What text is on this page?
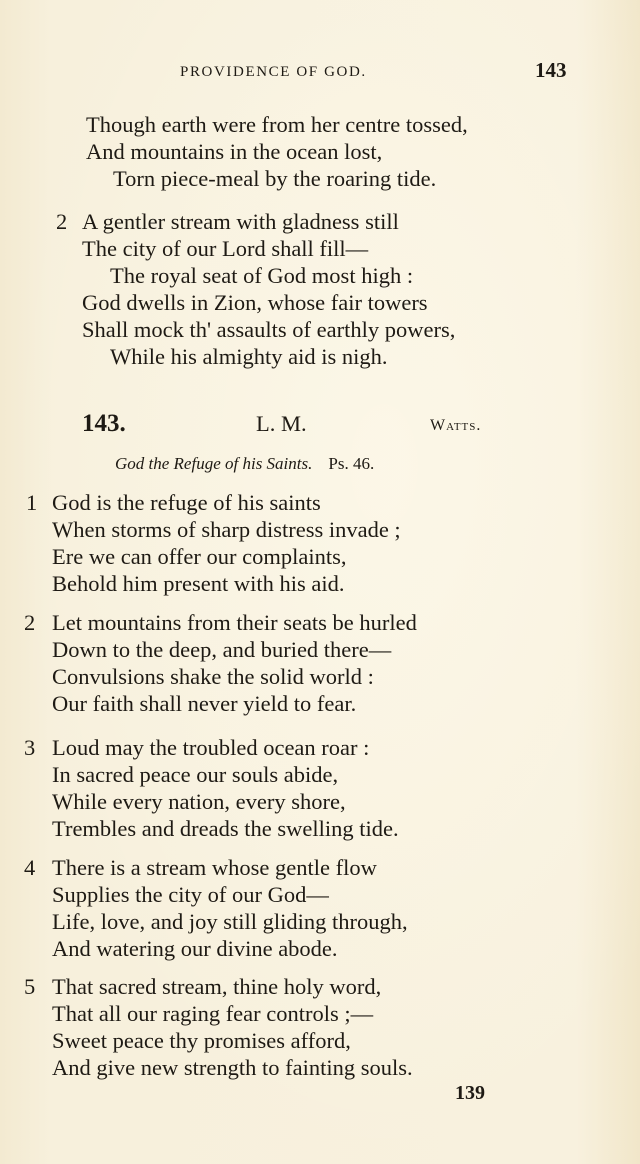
PROVIDENCE OF GOD.	143
Though earth were from her centre tossed,
And mountains in the ocean lost,
Torn piece-meal by the roaring tide.
2 A gentler stream with gladness still
The city of our Lord shall fill—
The royal seat of God most high :
God dwells in Zion, whose fair towers
Shall mock th' assaults of earthly powers,
While his almighty aid is nigh.
143.	L. M.	Watts.
God the Refuge of his Saints. Ps. 46.
1 God is the refuge of his saints
When storms of sharp distress invade ;
Ere we can offer our complaints,
Behold him present with his aid.
2 Let mountains from their seats be hurled
Down to the deep, and buried there—
Convulsions shake the solid world :
Our faith shall never yield to fear.
3 Loud may the troubled ocean roar :
In sacred peace our souls abide,
While every nation, every shore,
Trembles and dreads the swelling tide.
4 There is a stream whose gentle flow
Supplies the city of our God—
Life, love, and joy still gliding through,
And watering our divine abode.
5 That sacred stream, thine holy word,
That all our raging fear controls ;—
Sweet peace thy promises afford,
And give new strength to fainting souls.
139
